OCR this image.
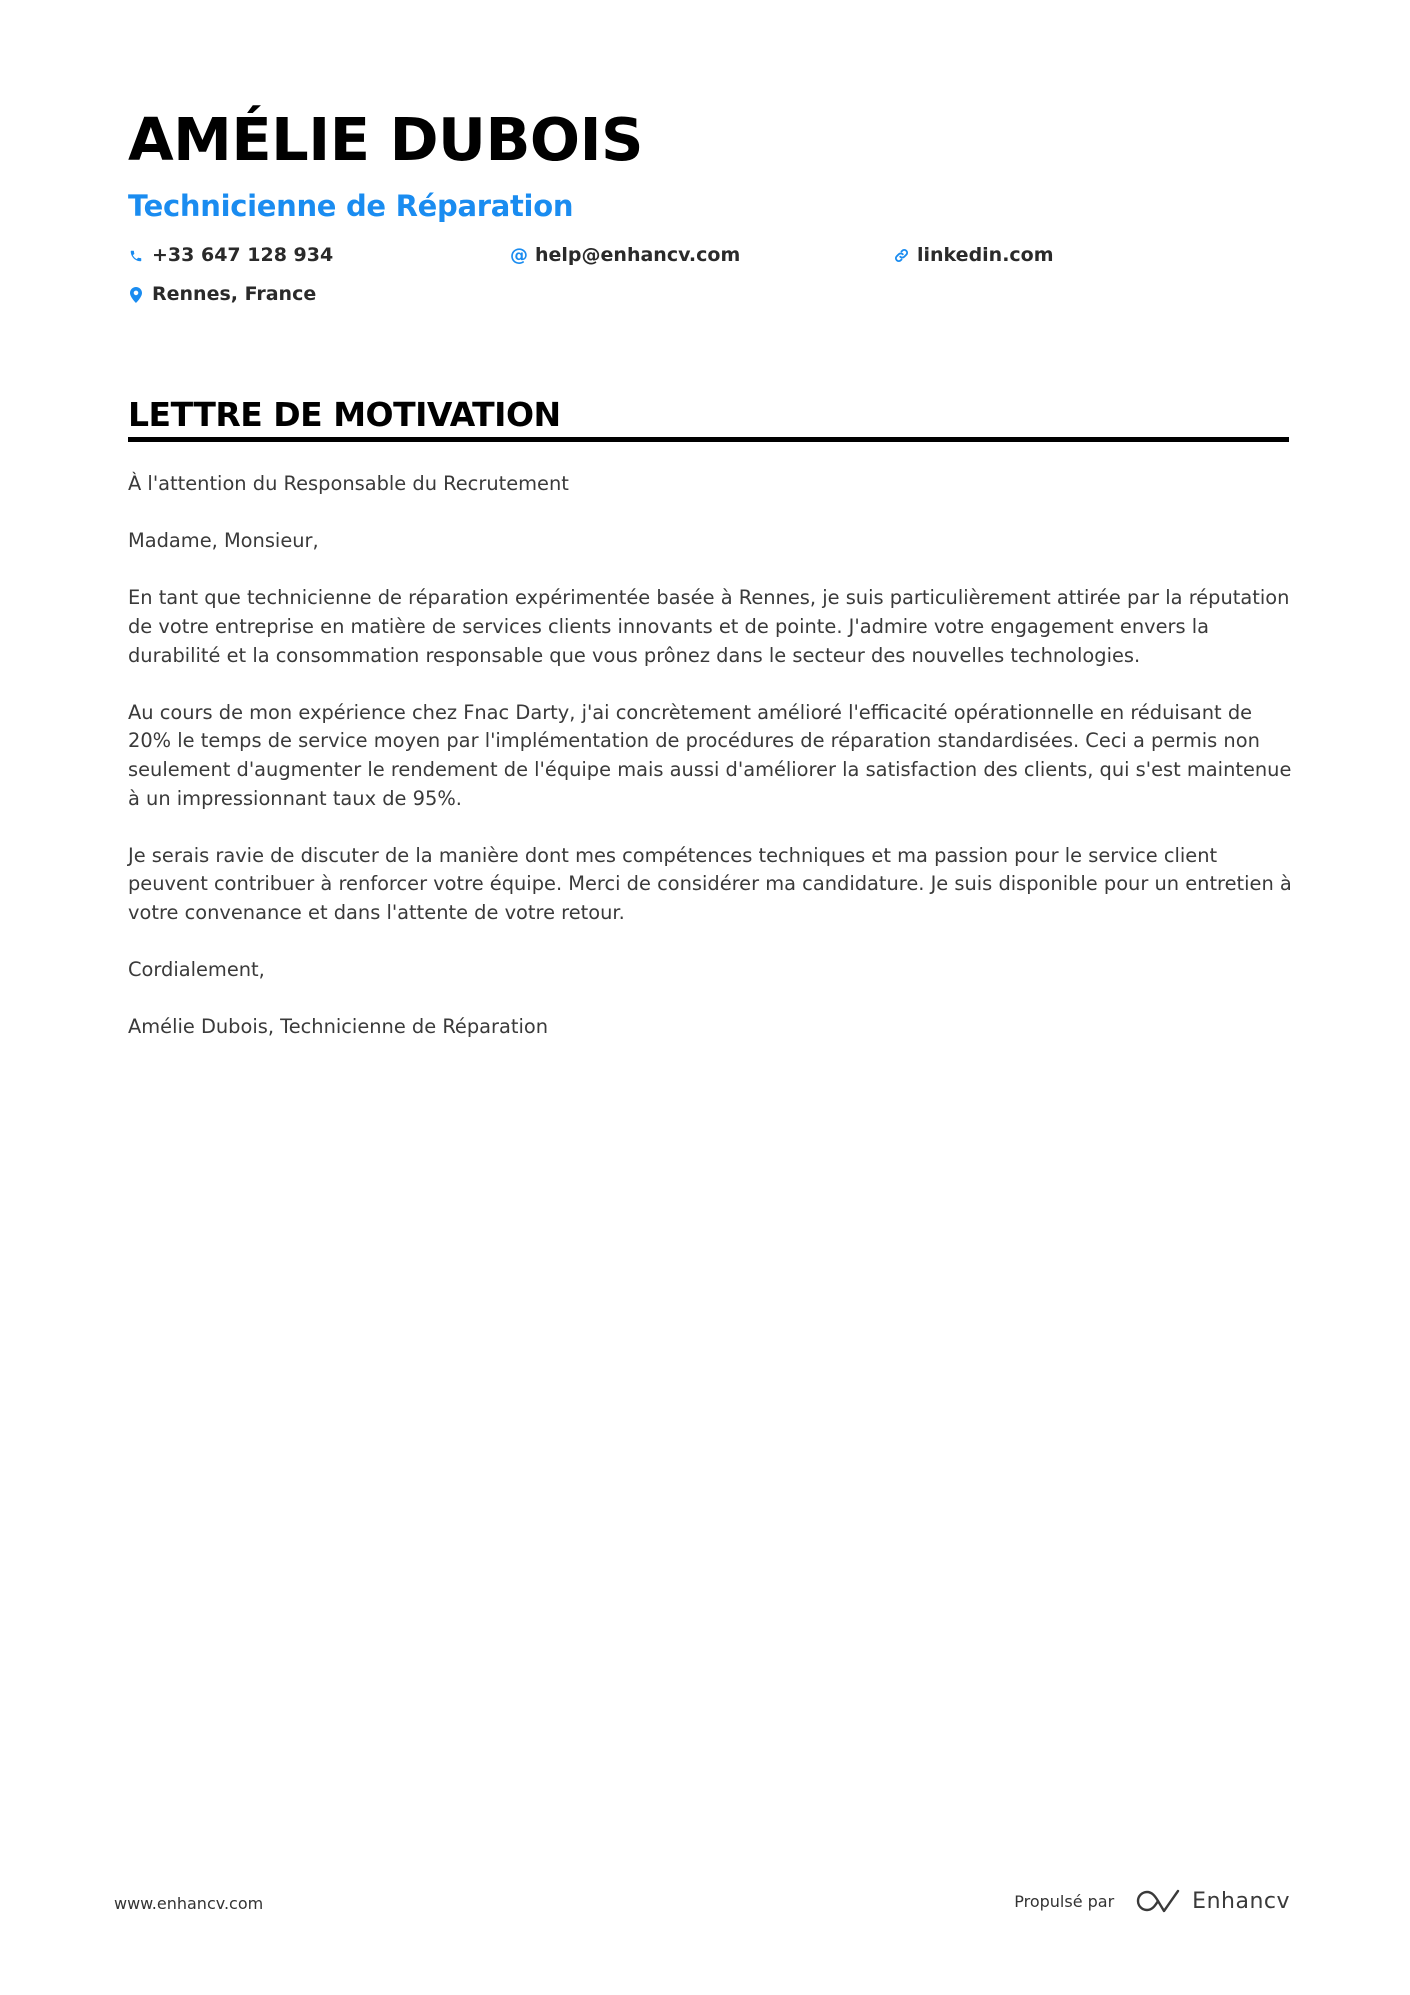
AMÉLIE DUBOIS
Technicienne de Réparation
+33 647 128 934	@ help@enhancv.com	linkedin.com
Rennes, France
LETTRE DE MOTIVATION

À l'attention du Responsable du Recrutement

Madame, Monsieur,

En tant que technicienne de réparation expérimentée basée à Rennes, je suis particulièrement attirée par la réputation de votre entreprise en matière de services clients innovants et de pointe. J'admire votre engagement envers la durabilité et la consommation responsable que vous prônez dans le secteur des nouvelles technologies.

Au cours de mon expérience chez Fnac Darty, j'ai concrètement amélioré l'efficacité opérationnelle en réduisant de 20% le temps de service moyen par l'implémentation de procédures de réparation standardisées. Ceci a permis non seulement d'augmenter le rendement de l'équipe mais aussi d'améliorer la satisfaction des clients, qui s'est maintenue à un impressionnant taux de 95%.

Je serais ravie de discuter de la manière dont mes compétences techniques et ma passion pour le service client peuvent contribuer à renforcer votre équipe. Merci de considérer ma candidature. Je suis disponible pour un entretien à votre convenance et dans l'attente de votre retour.

Cordialement,

Amélie Dubois, Technicienne de Réparation

www.enhancv.com	Propulsé par	Enhancv
